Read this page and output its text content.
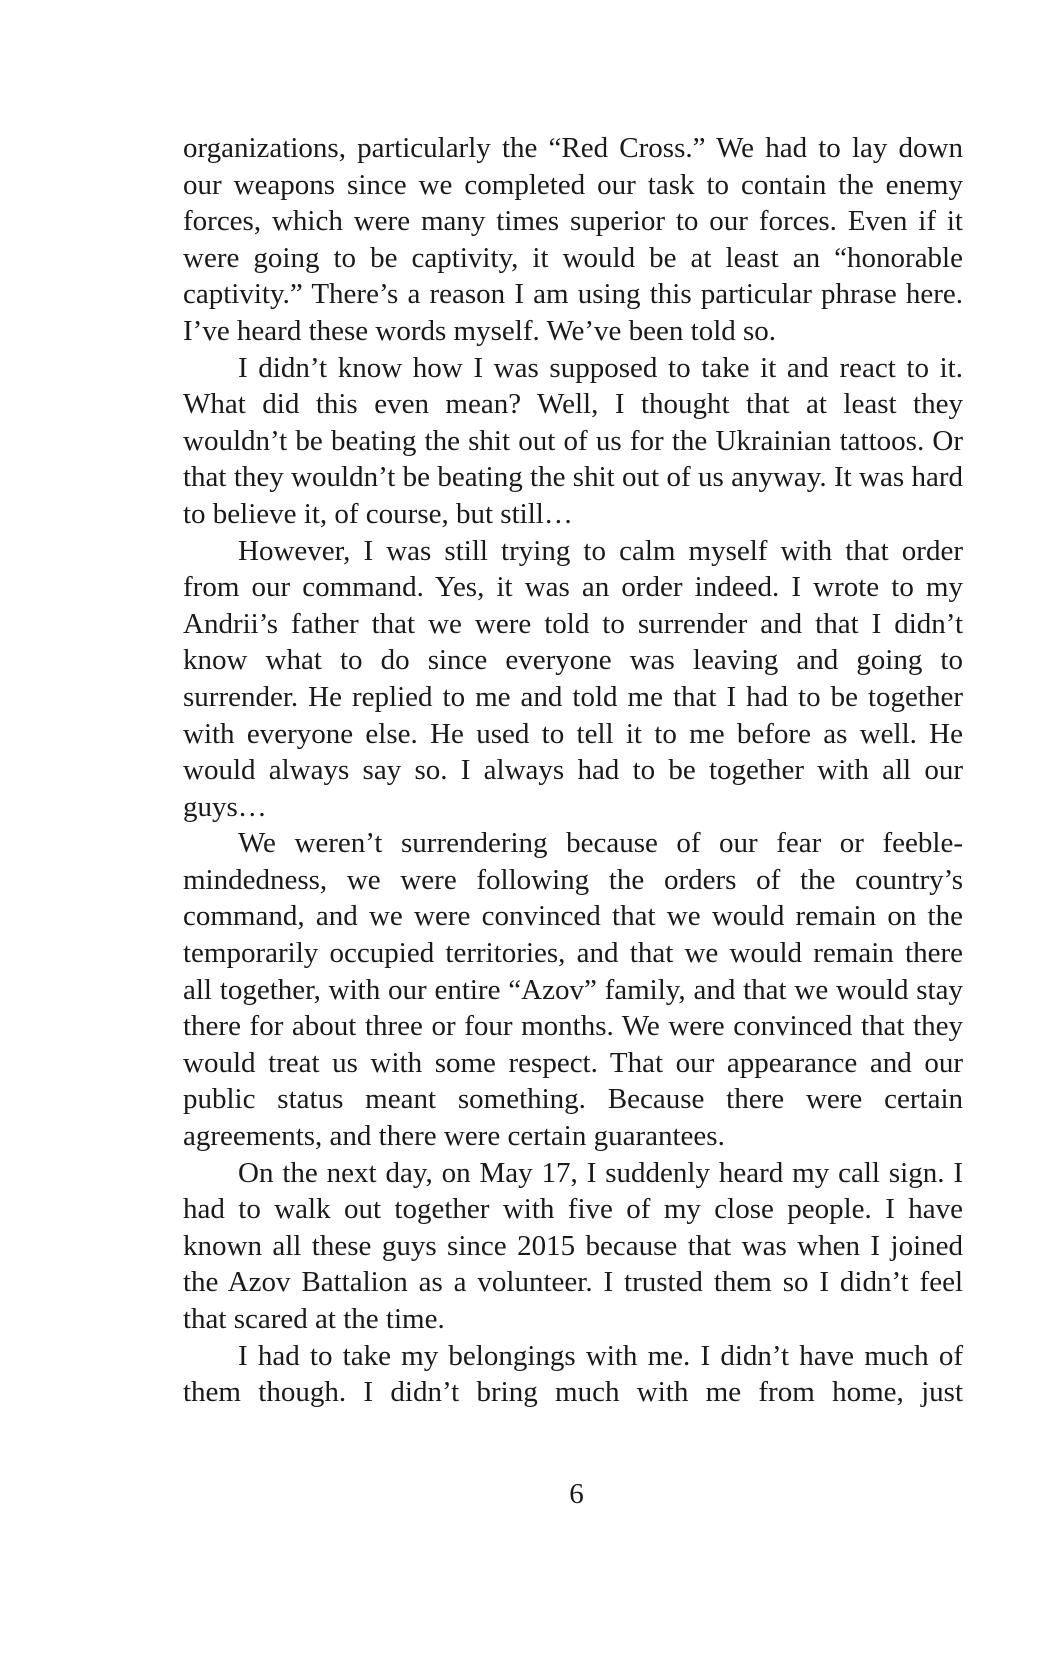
organizations, particularly the “Red Cross.” We had to lay down our weapons since we completed our task to contain the enemy forces, which were many times superior to our forces. Even if it were going to be captivity, it would be at least an “honorable captivity.” There’s a reason I am using this particular phrase here. I’ve heard these words myself. We’ve been told so.

I didn’t know how I was supposed to take it and react to it. What did this even mean? Well, I thought that at least they wouldn’t be beating the shit out of us for the Ukrainian tattoos. Or that they wouldn’t be beating the shit out of us anyway. It was hard to believe it, of course, but still…

However, I was still trying to calm myself with that order from our command. Yes, it was an order indeed. I wrote to my Andrii’s father that we were told to surrender and that I didn’t know what to do since everyone was leaving and going to surrender. He replied to me and told me that I had to be together with everyone else. He used to tell it to me before as well. He would always say so. I always had to be together with all our guys…

We weren’t surrendering because of our fear or feeblemindedness, we were following the orders of the country’s command, and we were convinced that we would remain on the temporarily occupied territories, and that we would remain there all together, with our entire “Azov” family, and that we would stay there for about three or four months. We were convinced that they would treat us with some respect. That our appearance and our public status meant something. Because there were certain agreements, and there were certain guarantees.

On the next day, on May 17, I suddenly heard my call sign. I had to walk out together with five of my close people. I have known all these guys since 2015 because that was when I joined the Azov Battalion as a volunteer. I trusted them so I didn’t feel that scared at the time.

I had to take my belongings with me. I didn’t have much of them though. I didn’t bring much with me from home, just

6
